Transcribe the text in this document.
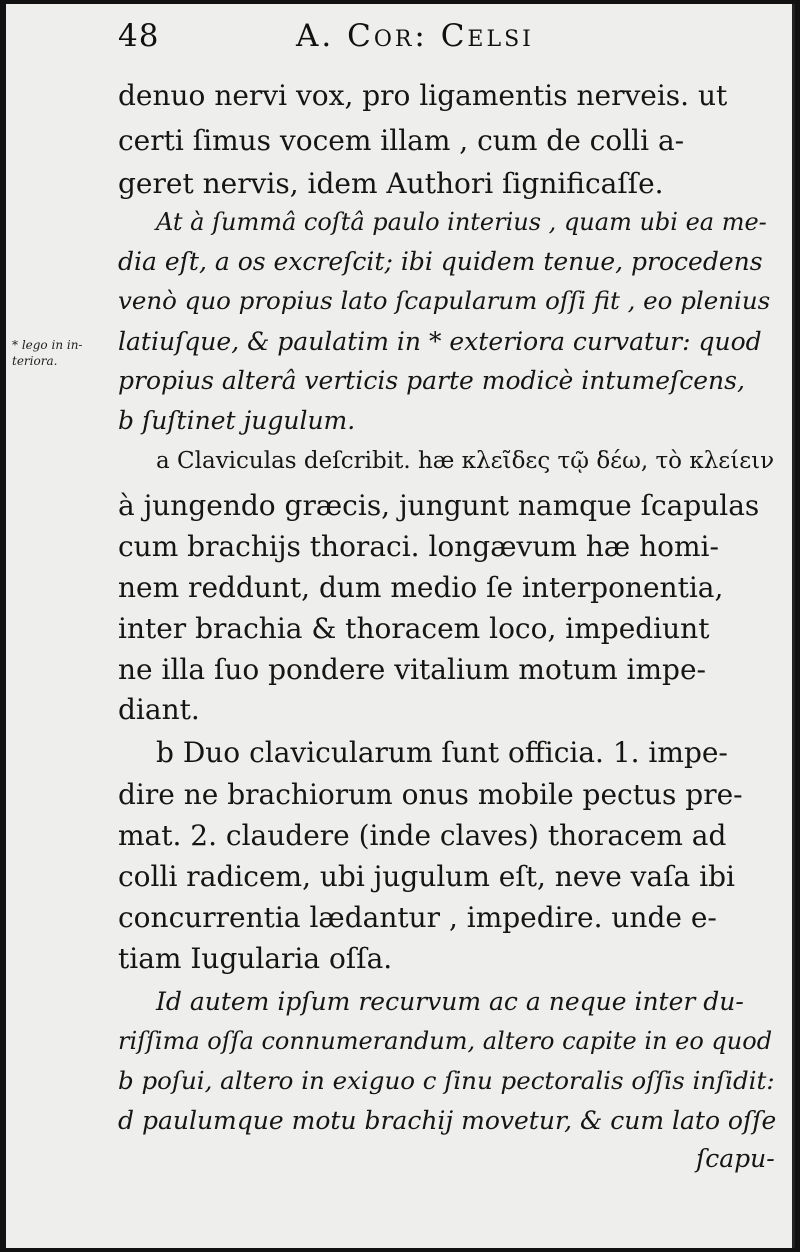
48	A. Cor: Celsi
* lego in in-
teriora.
denuo nervi vox, pro ligamentis nerveis. ut
certi ſimus vocem illam , cum de colli a-
geret nervis, idem Authori ſignificaſſe.
At à ſummâ coſtâ paulo interius , quam ubi ea me-
dia eſt, a os excreſcit; ibi quidem tenue, procedens
venò quo propius lato ſcapularum oſſi fit , eo plenius
latiuſque, & paulatim in * exteriora curvatur: quod
propius alterâ verticis parte modicè intumeſcens,
b ſuſtinet jugulum.
a Claviculas deſcribit. hæ κλεῖδες τῷ δέω, τὸ κλείειν
à jungendo græcis, jungunt namque ſcapulas
cum brachijs thoraci. longævum hæ homi-
nem reddunt, dum medio ſe interponentia,
inter brachia & thoracem loco, impediunt
ne illa ſuo pondere vitalium motum impe-
diant.
b Duo clavicularum ſunt officia. 1. impe-
dire ne brachiorum onus mobile pectus pre-
mat. 2. claudere (inde claves) thoracem ad
colli radicem, ubi jugulum eſt, neve vaſa ibi
concurrentia lædantur , impedire. unde e-
tiam Iugularia oſſa.
Id autem ipſum recurvum ac a neque inter du-
riſſima oſſa connumerandum, altero capite in eo quod
b poſui, altero in exiguo c ſinu pectoralis oſſis inſidit:
d paulumque motu brachij movetur, & cum lato oſſe
ſcapu-
